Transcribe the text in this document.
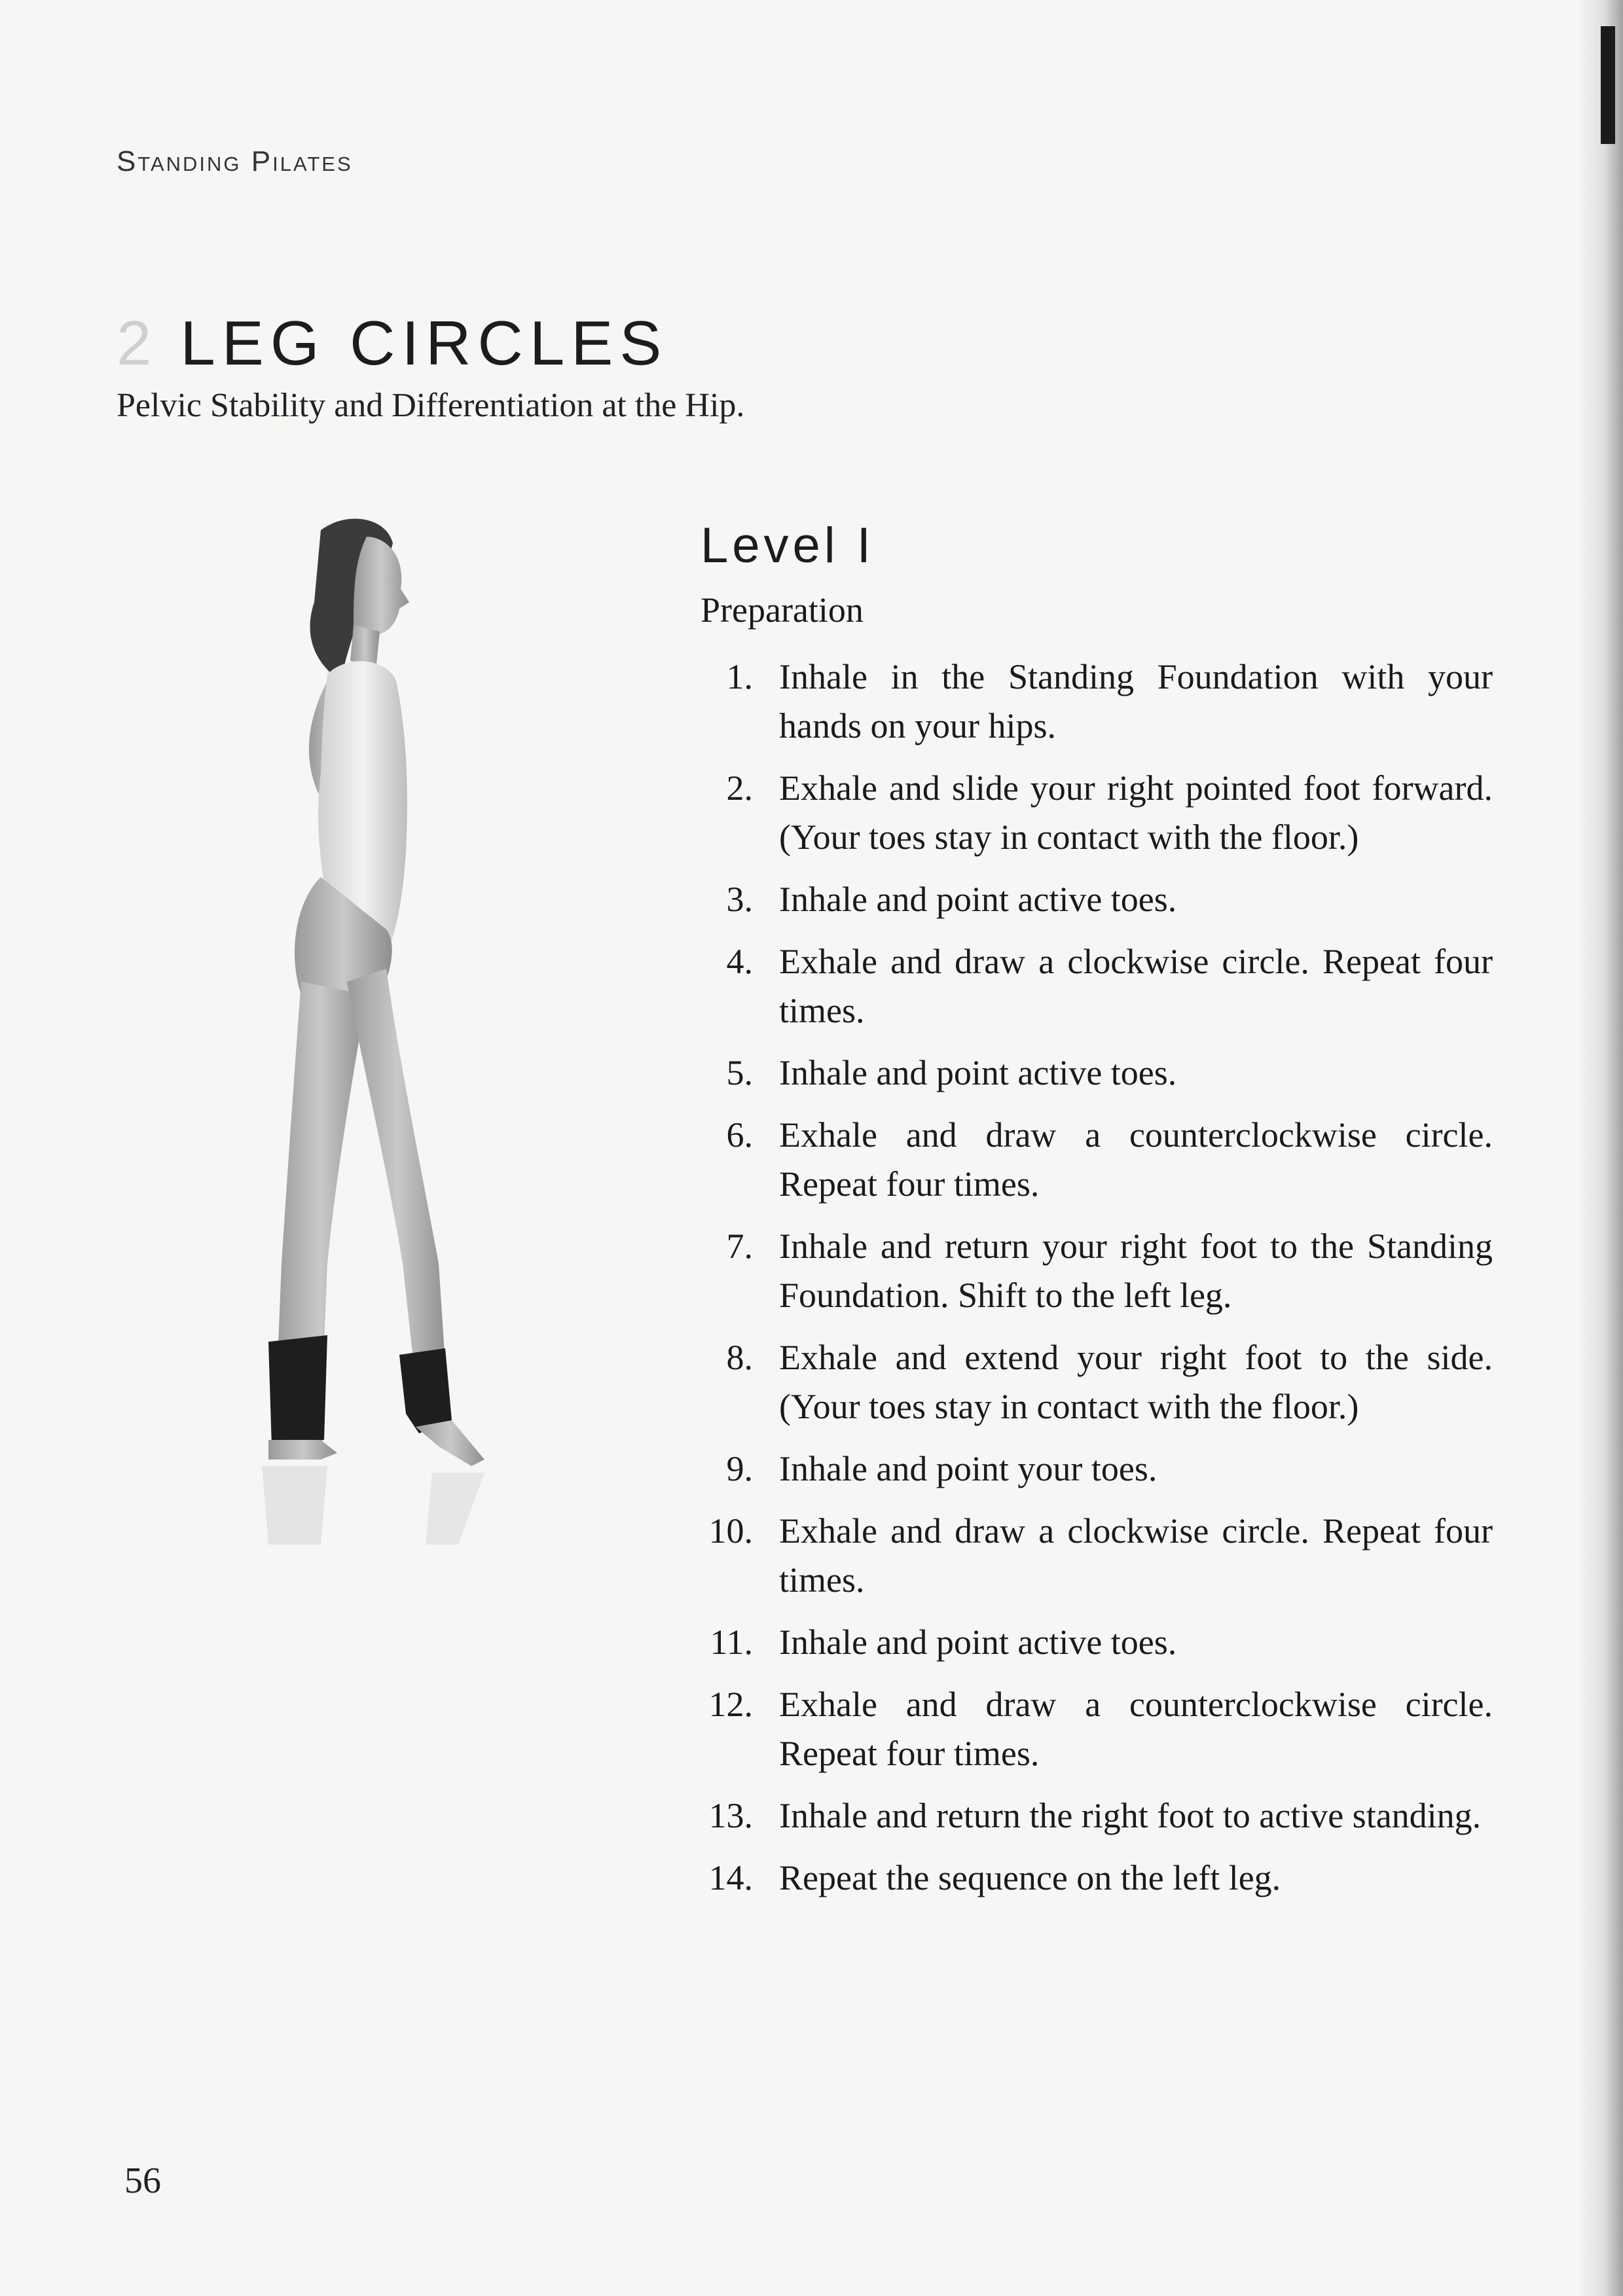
Standing Pilates
2 LEG CIRCLES
Pelvic Stability and Differentiation at the Hip.
Level I
Preparation
1. Inhale in the Standing Foundation with your hands on your hips.
2. Exhale and slide your right pointed foot forward. (Your toes stay in contact with the floor.)
3. Inhale and point active toes.
4. Exhale and draw a clockwise circle. Repeat four times.
5. Inhale and point active toes.
6. Exhale and draw a counterclockwise circle. Repeat four times.
7. Inhale and return your right foot to the Standing Foundation. Shift to the left leg.
8. Exhale and extend your right foot to the side. (Your toes stay in contact with the floor.)
9. Inhale and point your toes.
10. Exhale and draw a clockwise circle. Repeat four times.
11. Inhale and point active toes.
12. Exhale and draw a counterclockwise circle. Repeat four times.
13. Inhale and return the right foot to active standing.
14. Repeat the sequence on the left leg.
56
